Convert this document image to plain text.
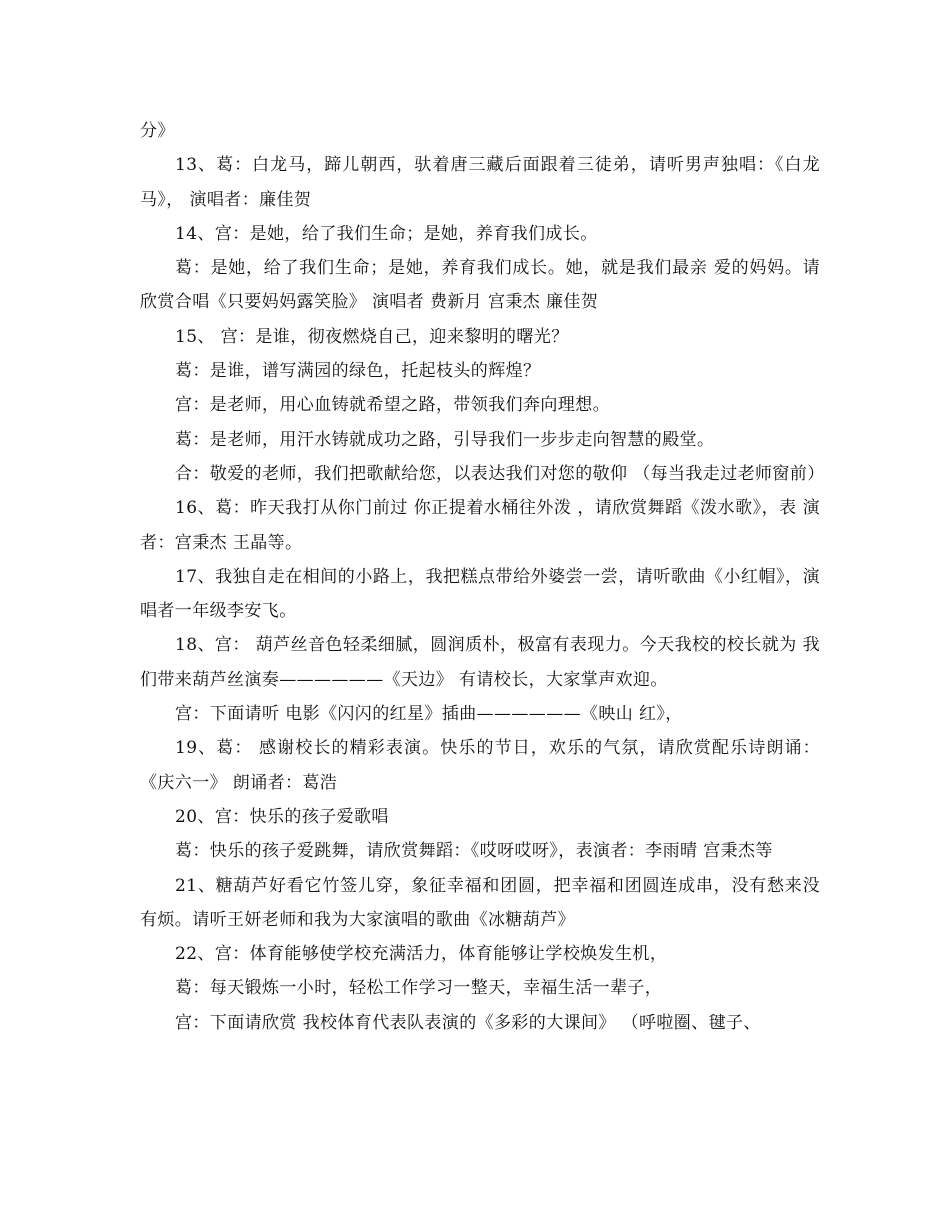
分》

13、葛：白龙马，蹄儿朝西，驮着唐三藏后面跟着三徒弟，请听男声独唱：《白龙 马》， 演唱者：廉佳贺

14、宫：是她，给了我们生命；是她，养育我们成长。

葛：是她，给了我们生命；是她，养育我们成长。她，就是我们最亲 爱的妈妈。请欣赏合唱《只要妈妈露笑脸》 演唱者 费新月 宫秉杰 廉佳贺

15、 宫：是谁，彻夜燃烧自己，迎来黎明的曙光？

葛：是谁，谱写满园的绿色，托起枝头的辉煌？

宫：是老师，用心血铸就希望之路，带领我们奔向理想。

葛：是老师，用汗水铸就成功之路，引导我们一步步走向智慧的殿堂。

合：敬爱的老师，我们把歌献给您，以表达我们对您的敬仰 （每当我走过老师窗前）

16、葛：昨天我打从你门前过 你正提着水桶往外泼 ，请欣赏舞蹈《泼水歌》，表 演者：宫秉杰 王晶等。

17、我独自走在相间的小路上，我把糕点带给外婆尝一尝，请听歌曲《小红帽》，演唱者一年级李安飞。

18、宫： 葫芦丝音色轻柔细腻，圆润质朴，极富有表现力。今天我校的校长就为 我们带来葫芦丝演奏——————《天边》 有请校长，大家掌声欢迎。

宫：下面请听 电影《闪闪的红星》插曲——————《映山 红》，

19、葛： 感谢校长的精彩表演。快乐的节日，欢乐的气氛，请欣赏配乐诗朗诵：《庆六一》 朗诵者：葛浩

20、宫：快乐的孩子爱歌唱

葛：快乐的孩子爱跳舞，请欣赏舞蹈：《哎呀哎呀》，表演者：李雨晴 宫秉杰等

21、糖葫芦好看它竹签儿穿，象征幸福和团圆，把幸福和团圆连成串，没有愁来没有烦。请听王妍老师和我为大家演唱的歌曲《冰糖葫芦》

22、宫：体育能够使学校充满活力，体育能够让学校焕发生机，

葛：每天锻炼一小时，轻松工作学习一整天，幸福生活一辈子，

宫：下面请欣赏 我校体育代表队表演的《多彩的大课间》 （呼啦圈、毽子、
